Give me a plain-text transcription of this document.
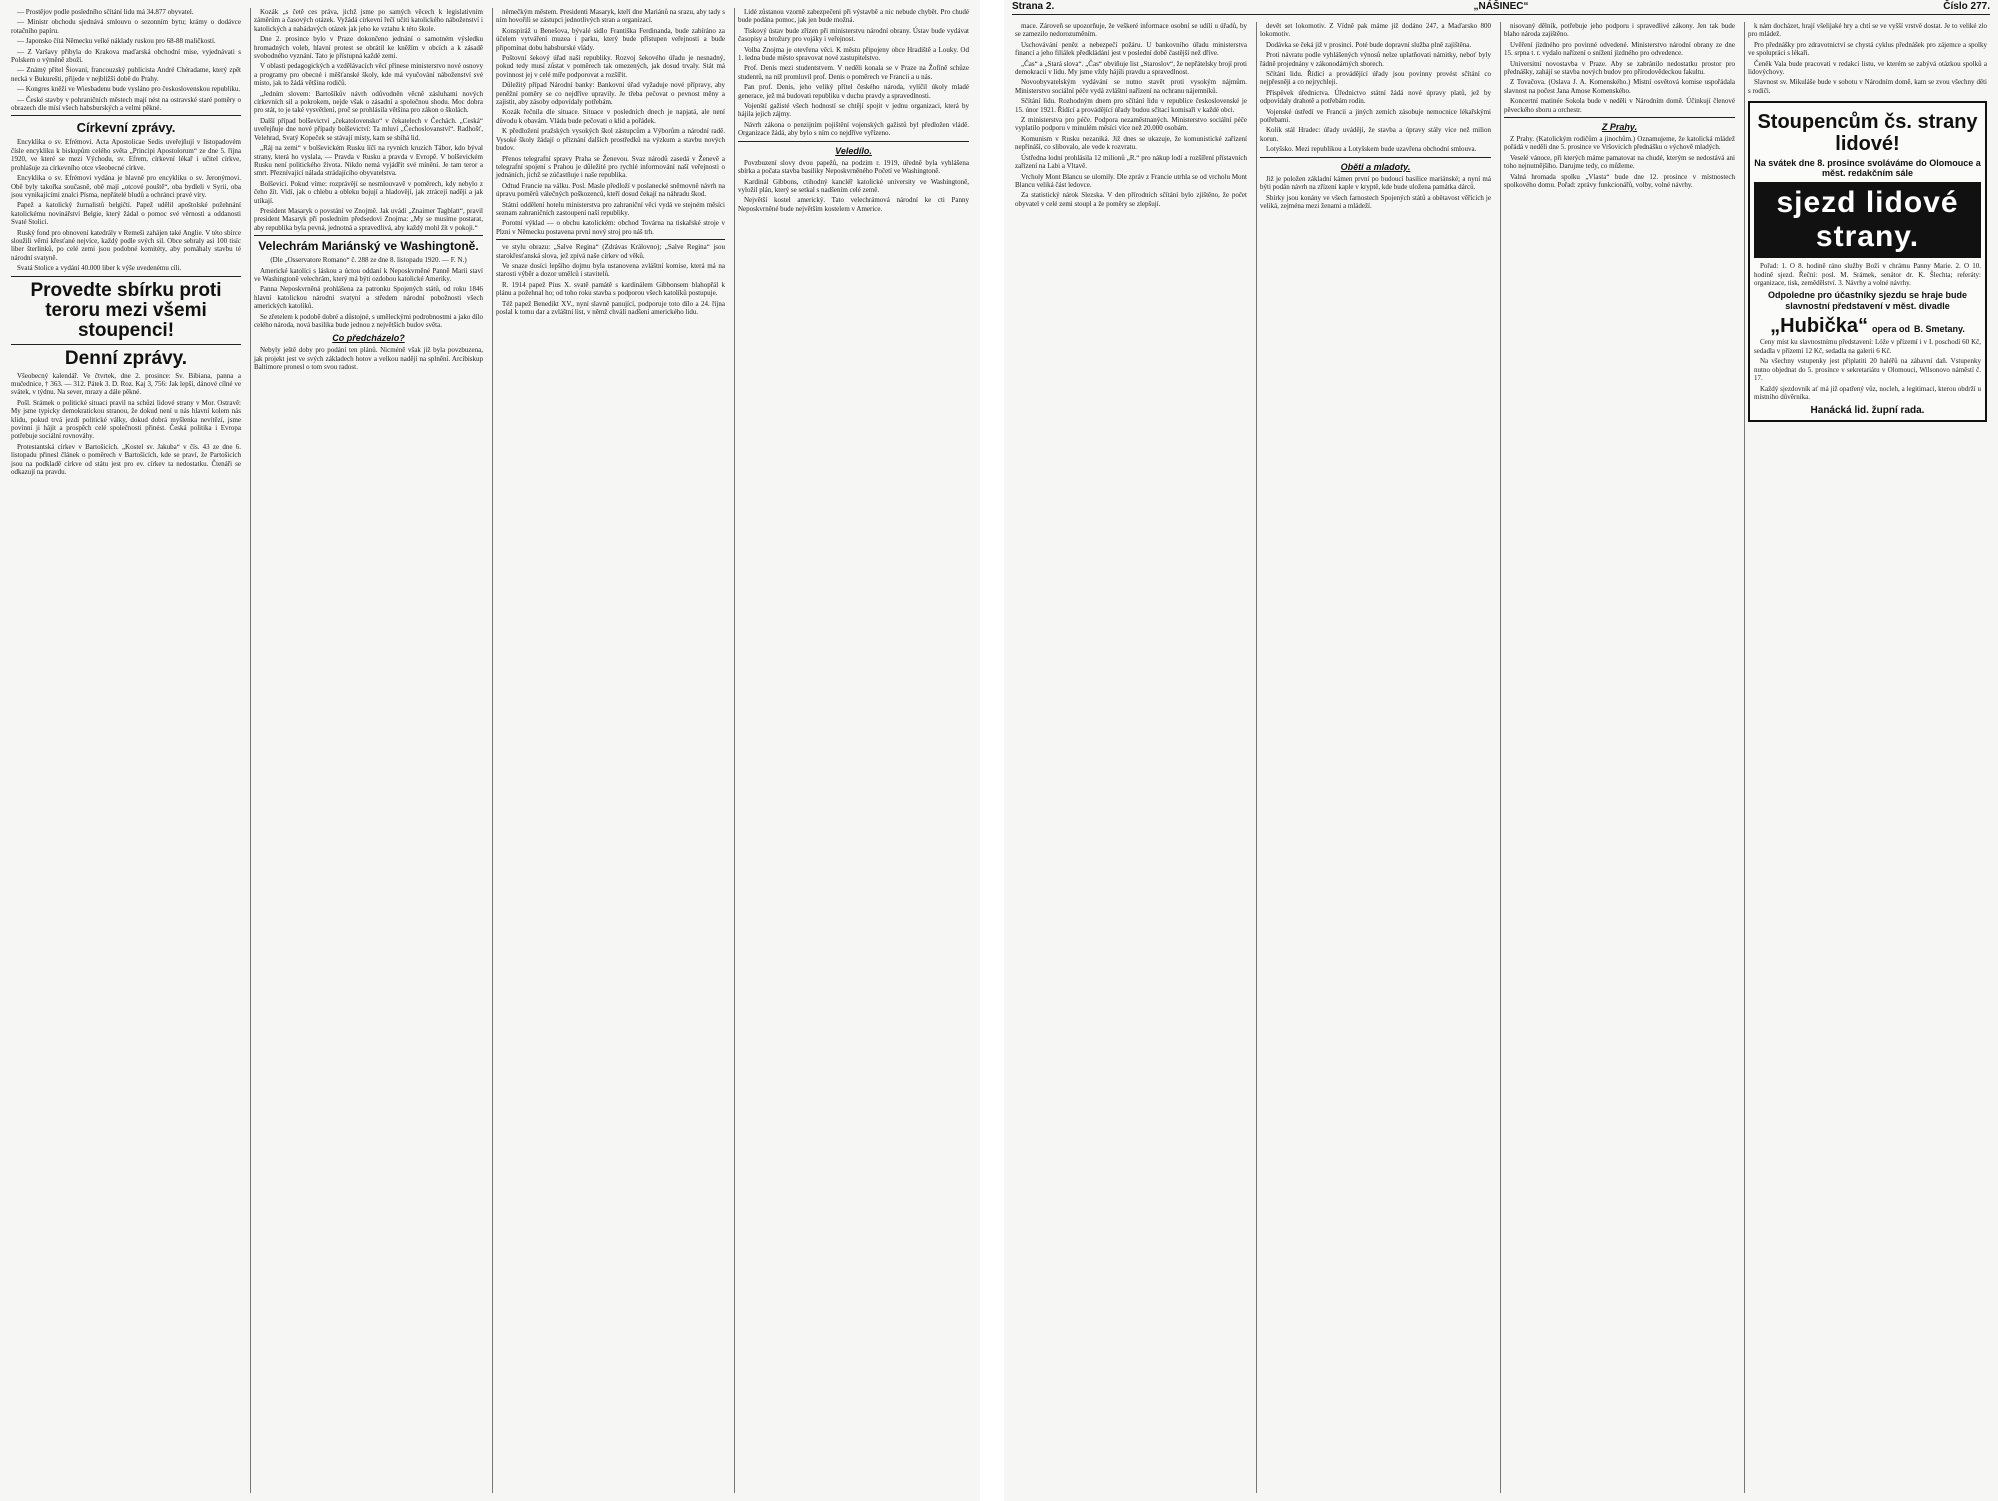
— Prostějov podle posledního sčítání lidu má 34.877 obyvatel.

— Ministr obchodu sjednává smlouvu o sezonním bytu; krámy o dodávce rotačního papíru.

— Japonsko čítá Německu velké náklady ruskou pro 68-88 maličkostí.

— Z Varšavy přibyla do Krakova maďarská obchodní mise, vyjednávati s Polskem o výměně zboží.

— Známý přítel Šiovaní, francouzský publicista André Chéradame, který zpět necká v Bukurešti, přijede v nejbližší době do Prahy.

— Kongres kněží ve Wiesbadenu bude vysláno pro československou republiku.

— České stavby v pohraničních městech mají nést na ostravské staré poměry o obrazech dle mísí všech habsburských a velmi pěkné.

Církevní zprávy.

Encyklika o sv. Efrémovi. Acta Apostolicae Sedis uveřejňují v listopadovém čísle encykliku k biskupům celého světa „Principi Apostolorum“ ze dne 5. října 1920, ve které se mezi Východu, sv. Efrem, církevní lékař i učitel církve, prohlašuje za církevního otce všeobecné církve.

Encyklika o sv. Efrémovi vydána je hlavně pro encykliku o sv. Jeronýmovi. Obě byly takořka současně, obě mají „otcové pouště“, oba bydleli v Syrii, oba jsou vynikajícími znalci Písma, nepřátelé bludů a ochránci pravé víry.

Papež a katolický žurnalistů belgičtí. Papež udělil apoštolské požehnání katolickému novinářství Belgie, který žádal o pomoc své věrnosti a oddanosti Svaté Stolici.

Ruský fond pro obnovení katedrály v Remeši zahájen také Anglie. V této sbírce sloužili věrní křesťané nejvíce, každý podle svých sil. Obce sebraly asi 100 tisíc liber šterlinků, po celé zemi jsou podobné komitéty, aby pomáhaly stavbu té národní svatyně.

Svatá Stolice a vydání 40.000 liber k výše uvedenému cíli.

Provedte sbírku proti teroru mezi všemi stoupenci!
Denní zprávy.

Všeobecný kalendář. Ve čtvrtek, dne 2. prosince: Sv. Bibiana, panna a mučednice, † 363. — 312. Pátek 3. D. Roz. Kaj 3, 756: Jak lepší, dánové cílné ve svátek, v týdnu. Na sever, mrazy a dále pěkné.

Pošl. Srámek o politické situaci pravil na schůzi lidové strany v Mor. Ostravě: My jsme typicky demokratickou stranou, že dokud není u nás hlavní kolem nás klidu, pokud trvá jezdí politické války, dokud dobrá myšlenka nevítězí, jsme povinni ji hájit a prospěch celé společnosti přinést. Česká politika i Evropa potřebuje sociální rovnováhy.

Protestantská církev v Bartošicích. „Kostel sv. Jakuba“ v čís. 43 ze dne 6. listopadu přinesl článek o poměrech v Bartošicích, kde se praví, že Partošicích jsou na podkladě církve od státu jest pro ev. církev ta nedostatku. Čtenáři se odkazují na pravdu.

Kozák „s četě ces práva, jichž jsme po samých věcech k legislativním záměrům a časových otázek. Vyžádá církevní řečí učiti katolického náboženství i katolických a nabádavých otázek jak jeho ke vztahu k této škole.

Dne 2. prosince bylo v Praze dokončeno jednání o samotném výsledku hromadných voleb, hlavní protest se obrátil ke kněžím v obcích a k zásadě svobodného vyznání. Tato je přístupná každé zemi.

V oblasti pedagogických a vzdělávacích věcí přinese ministerstvo nové osnovy a programy pro obecné i měšťanské školy, kde má vyučování náboženství své místo, jak to žádá většina rodičů.

„Jedním slovem: Bartošíkův návrh odůvodněn věcně zásluhami nových církevních sil a pokrokem, nejde však o zásadní a společnou shodu. Moc dobra pro stát, to je také vysvětlení, proč se prohlásila většina pro zákon o školách.

Další případ bolševictví „čekatolovensko“ v čekatelech v Čechách. „Ceská“ uveřejňuje dne nové případy bolševictví: Ta mluví „Čechoslovanství“. Radhošť, Velehrad, Svatý Kopeček se stávají místy, kam se sbíhá lid.

„Ráj na zemi“ v bolševickém Rusku líčí na ryvních kruzích Tábor, kdo býval strany, která ho vyslala, — Pravda v Rusku a pravda v Evropě. V bolševickém Rusku není politického života. Nikdo nemá vyjádřit své mínění. Je tam teror a smrt. Přeznívající nálada strádajícího obyvatelstva.

Bolševici. Pokud víme: rozprávějí se nesmlouvavě v poměrech, kdy nebylo z čeho žít. Vidí, jak o chlebu a obleku bojují a hladovějí, jak ztrácejí naději a jak utíkají.

President Masaryk o povstání ve Znojmě. Jak uvádí „Znaimer Tagblatt“, pravil president Masaryk při posledním předsedovi Znojma: „My se musíme postarat, aby republika byla pevná, jednotná a spravedlivá, aby každý mohl žít v pokoji.“

Velechrám Mariánský ve Washingtoně.

(Dle „Osservatore Romano“ č. 288 ze dne 8. listopadu 1920. — F. N.)

Americké katolíci s láskou a úctou oddaní k Neposkvrněné Panně Marii staví ve Washingtoně velechrám, který má býti ozdobou katolické Ameriky.

Panna Neposkvrněná prohlášena za patronku Spojených států, od roku 1846 hlavní katolickou národní svatyní a středem národní pobožnosti všech amerických katolíků.

Se zřetelem k podobě dobré a důstojné, s uměleckými podrobnostmi a jako dílo celého národa, nová basilika bude jednou z největších budov světa.

Co předcházelo?

Nebyly ještě doby pro podání ten plánů. Nicméně však již byla povzbuzena, jak projekt jest ve svých základech hotov a velkou nadějí na splnění. Arcibiskup Baltimore pronesl o tom svou radost.

němečkým městem. Presidenti Masaryk, kteří dne Mariánů na srazu, aby tady s ním hovořili se zástupci jednotlivých stran a organizací.

Konspiráž u Benešova, bývalé sídlo Františka Ferdinanda, bude zabíráno za účelem vytváření muzea i parku, který bude přístupen veřejnosti a bude připomínat dobu habsburské vlády.

Poštovní šekový úřad naší republiky. Rozvoj šekového úřadu je nesnadný, pokud tedy musí zůstat v poměrech tak omezených, jak dosud trvaly. Stát má povinnost jej v celé míře podporovat a rozšířit.

Důležitý případ Národní banky: Bankovní úřad vyžaduje nové přípravy, aby peněžní poměry se co nejdříve upravily. Je třeba pečovat o pevnost měny a zajistit, aby zásoby odpovídaly potřebám.

Kozák řečnila dle situace. Situace v posledních dnech je napjatá, ale není důvodu k obavám. Vláda bude pečovati o klid a pořádek.

K předložení pražských vysokých škol zástupcům a Výborům a národní radě. Vysoké školy žádají o přiznání dalších prostředků na výzkum a stavbu nových budov.

Přenos telegrafní spravy Praha se Ženevou. Svaz národů zasedá v Ženevě a telegrafní spojení s Prahou je důležité pro rychlé informování naší veřejnosti o jednáních, jichž se zúčastňuje i naše republika.

Odtud Francie na válku. Posl. Masle předloží v poslanecké sněmovně návrh na úpravu poměrů válečných poškozenců, kteří dosud čekají na náhradu škod.

Státní oddělení hotelu ministerstva pro zahraniční věci vydá ve stejném měsíci seznam zahraničních zastoupení naší republiky.

Porotní výklad — o obchu katolickém: obchod Továrna na tiskařské stroje v Plzni v Německu postavena první nový stroj pro náš trh.

ve stylu obrazu: „Salve Regina“ (Zdrávas Královno); „Salve Regina“ jsou starokřesťanská slova, jež zpívá naše církev od věků.

Ve snaze dosíci lepšího dojmu byla ustanovena zvláštní komise, která má na starosti výběr a dozor umělců i stavitelů.

R. 1914 papež Pius X. svatě památě s kardinálem Gibbonsem blahopřál k plánu a požehnal ho; od toho roku stavba s podporou všech katolíků postupuje.

Též papež Benedikt XV., nyní slavně panující, podporuje toto dílo a 24. října poslal k tomu dar a zvláštní list, v němž chválí nadšení amerického lidu.

Lidé zůstanou vzorně zabezpečeni při výstavbě a nic nebude chybět. Pro chudé bude podána pomoc, jak jen bude možná.

Tiskový ústav bude zřízen při ministerstvu národní obrany. Ústav bude vydávat časopisy a brožury pro vojáky i veřejnost.

Volba Znojma je otevřena věci. K městu připojeny obce Hradiště a Louky. Od 1. ledna bude město spravovat nové zastupitelstvo.

Prof. Denis mezi studentstvem. V neděli konala se v Praze na Žofíně schůze studentů, na níž promluvil prof. Denis o poměrech ve Francii a u nás.

Pan prof. Denis, jeho veliký přítel českého národa, vylíčil úkoly mladé generace, jež má budovati republiku v duchu pravdy a spravedlnosti.

Vojenští gažisté všech hodností se chtějí spojit v jednu organizaci, která by hájila jejich zájmy.

Návrh zákona o penzijním pojištění vojenských gažistů byl předložen vládě. Organizace žádá, aby bylo s ním co nejdříve vyřízeno.

Veledílo.

Povzbuzení slovy dvou papežů, na podzim r. 1919, úředně byla vyhlášena sbírka a počata stavba basiliky Neposkvrněného Početí ve Washingtoně.

Kardinál Gibbons, ctihodný kancléř katolické university ve Washingtoně, vyložil plán, který se setkal s nadšením celé země.

Největší kostel americký. Tato velechrámová národní ke cti Panny Neposkvrněné bude největším kostelem v Americe.

Strana 2.	„NÁŠINEC“	Číslo 277.

mace. Zároveň se upozorňuje, že veškeré informace osobní se udílí u úřadů, by se zamezilo nedorozuměním.

Uschovávání peněz a nebezpečí požáru. U bankovního úřadu ministerstva financí a jeho filiálek předkládání jest v poslední době častější než dříve.

„Čas“ a „Stará slova“. „Čas“ obviňuje list „Staroslov“, že nepřátelsky brojí proti demokracii v lidu. My jsme vždy hájili pravdu a spravedlnost.

Novoobyvatelským vydávání se nutno stavět proti vysokým nájmům. Ministerstvo sociální péče vydá zvláštní nařízení na ochranu nájemníků.

Sčítání lidu. Rozhodným dnem pro sčítání lidu v republice československé je 15. únor 1921. Řídící a provádějící úřady budou sčítací komisaři v každé obci.

Z ministerstva pro péče. Podpora nezaměstnaných. Ministerstvo sociální péče vyplatilo podporu v minulém měsíci více než 20.000 osobám.

Komunism v Rusku nezaniká. Již dnes se ukazuje, že komunistické zařízení nepřináší, co slibovalo, ale vede k rozvratu.

Ústředna lodní prohlásila 12 milionů „R.“ pro nákup lodí a rozšíření přístavních zařízení na Labi a Vltavě.

Vrcholy Mont Blancu se ulomily. Dle zpráv z Francie utrhla se od vrcholu Mont Blancu veliká část ledovce.

Za statistický nárok Slezska. V den přírodních sčítání bylo zjištěno, že počet obyvatel v celé zemi stoupl a že poměry se zlepšují.

devět set lokomotiv. Z Vídně pak máme již dodáno 247, a Maďarsko 800 lokomotiv.

Dodávka se čeká již v prosinci. Poté bude dopravní služba plně zajištěna.

Proti návratu podle vyhlášených výnosů nelze uplatňovati námitky, neboť byly řádně projednány v zákonodárných sborech.

Sčítání lidu. Řídící a provádějící úřady jsou povinny provést sčítání co nejpřesněji a co nejrychleji.

Příspěvek úřednictva. Úřednictvo státní žádá nové úpravy platů, jež by odpovídaly drahotě a potřebám rodin.

Vojenské ústředí ve Francii a jiných zemích zásobuje nemocnice lékařskými potřebami.

Kolik stál Hradec: úřady uvádějí, že stavba a úpravy stály více než milion korun.

Lotyšsko. Mezi republikou a Lotyšskem bude uzavřena obchodní smlouva.

Oběti a mladoty.

Již je položen základní kámen první po budoucí basilice mariánské; a nyní má býti podán návrh na zřízení kaple v kryptě, kde bude uložena památka dárců.

Sbírky jsou konány ve všech farnostech Spojených států a obětavost věřících je veliká, zejména mezi ženami a mládeží.

nisovaný dělník, potřebuje jeho podporu i spravedlivé zákony. Jen tak bude blaho národa zajištěno.

Uvěření jízdného pro povinné odvedené. Ministerstvo národní obrany ze dne 15. srpna t. r. vydalo nařízení o snížení jízdného pro odvedence.

Universitní novostavba v Praze. Aby se zabránilo nedostatku prostor pro přednášky, zahájí se stavba nových budov pro přírodovědeckou fakultu.

Z Tovačova. (Oslava J. A. Komenského.) Místní osvětová komise uspořádala slavnost na počest Jana Amose Komenského.

Koncertní matinée Sokola bude v neděli v Národním domě. Účinkují členové pěveckého sboru a orchestr.

Z Prahy.

Z Prahy. (Katolickým rodičům a jinochům.) Oznamujeme, že katolická mládež pořádá v neděli dne 5. prosince ve Vršovicích přednášku o výchově mladých.

Veselé vánoce, při kterých máme pamatovat na chudé, kterým se nedostává ani toho nejnutnějšího. Darujme tedy, co můžeme.

Valná hromada spolku „Vlasta“ bude dne 12. prosince v místnostech spolkového domu. Pořad: zprávy funkcionářů, volby, volné návrhy.

k nám docházet, hrají všelijaké hry a chtí se ve vyšší vrstvě dostat. Je to veliké zlo pro mládež.

Pro přednášky pro zdravotnictví se chystá cyklus přednášek pro zájemce a spolky ve spolupráci s lékaři.

Čeněk Vala bude pracovati v redakci listu, ve kterém se zabývá otázkou spolků a lidovýchovy.

Slavnost sv. Mikuláše bude v sobotu v Národním domě, kam se zvou všechny děti s rodiči.

Stoupencům čs. strany lidové!
Na svátek dne 8. prosince svoláváme do Olomouce a měst. redakčním sále
sjezd lidové strany.

Pořad: 1. O 8. hodině ráno služby Boží v chrámu Panny Marie. 2. O 10. hodině sjezd. Řeční: posl. M. Srámek, senátor dr. K. Šlechta; referáty: organizace, tisk, zemědělství. 3. Návrhy a volné návrhy.

Odpoledne pro účastníky sjezdu se hraje bude slavnostní představení v měst. divadle
„Hubička“ opera od B. Smetany.

Ceny míst ku slavnostnímu představení: Lóže v přízemí i v I. poschodí 60 Kč, sedadla v přízemí 12 Kč, sedadla na galerii 6 Kč.

Na všechny vstupenky jest připlatiti 20 haléřů na zábavní daň. Vstupenky nutno objednat do 5. prosince v sekretariátu v Olomouci, Wilsonovo náměstí č. 17.

Každý sjezdovník ať má již opatřený vůz, nocleh, a legitimaci, kterou obdrží u místního důvěrníka.

Hanácká lid. župní rada.
